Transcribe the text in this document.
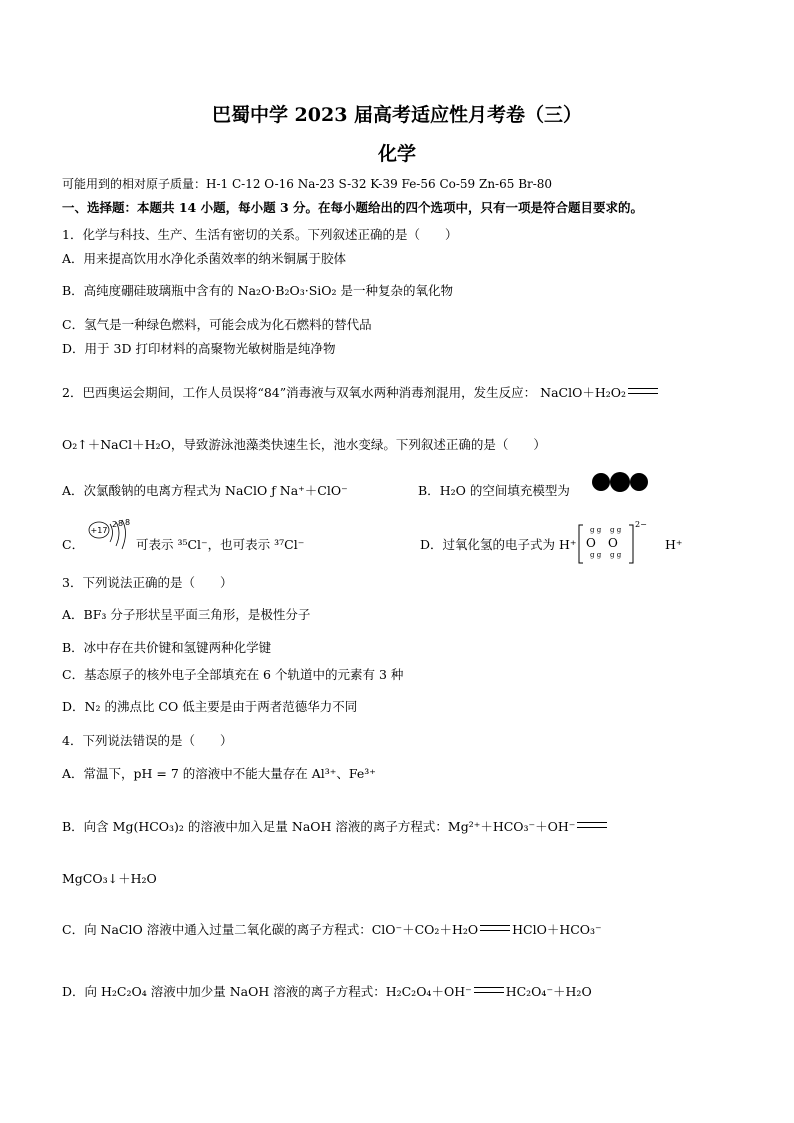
巴蜀中学 2023 届高考适应性月考卷（三）
化学
可能用到的相对原子质量：H-1 C-12 O-16 Na-23 S-32 K-39 Fe-56 Co-59 Zn-65 Br-80
一、选择题：本题共 14 小题，每小题 3 分。在每小题给出的四个选项中，只有一项是符合题目要求的。
1．化学与科技、生产、生活有密切的关系。下列叙述正确的是（　　）
A．用来提高饮用水净化杀菌效率的纳米铜属于胶体
B．高纯度硼硅玻璃瓶中含有的 Na₂O·B₂O₃·SiO₂ 是一种复杂的氧化物
C．氢气是一种绿色燃料，可能会成为化石燃料的替代品
D．用于 3D 打印材料的高聚物光敏树脂是纯净物
2．巴西奥运会期间，工作人员误将“84”消毒液与双氧水两种消毒剂混用，发生反应： NaClO＋H₂O₂
O₂↑＋NaCl＋H₂O，导致游泳池藻类快速生长，池水变绿。下列叙述正确的是（　　）
A．次氯酸钠的电离方程式为 NaClO ƒ Na⁺＋ClO⁻	B．H₂O 的空间填充模型为
C．
+17
2 8 8
可表示 ³⁵Cl⁻，也可表示 ³⁷Cl⁻	D．过氧化氢的电子式为 H⁺
g g g g
O O
g g g g
2−
H⁺
3．下列说法正确的是（　　）
A．BF₃ 分子形状呈平面三角形，是极性分子
B．冰中存在共价键和氢键两种化学键
C．基态原子的核外电子全部填充在 6 个轨道中的元素有 3 种
D．N₂ 的沸点比 CO 低主要是由于两者范德华力不同
4．下列说法错误的是（　　）
A．常温下，pH = 7 的溶液中不能大量存在 Al³⁺、Fe³⁺
B．向含 Mg(HCO₃)₂ 的溶液中加入足量 NaOH 溶液的离子方程式：Mg²⁺＋HCO₃⁻＋OH⁻
MgCO₃↓＋H₂O
C．向 NaClO 溶液中通入过量二氧化碳的离子方程式：ClO⁻＋CO₂＋H₂O	HClO＋HCO₃⁻
D．向 H₂C₂O₄ 溶液中加少量 NaOH 溶液的离子方程式：H₂C₂O₄＋OH⁻	HC₂O₄⁻＋H₂O
